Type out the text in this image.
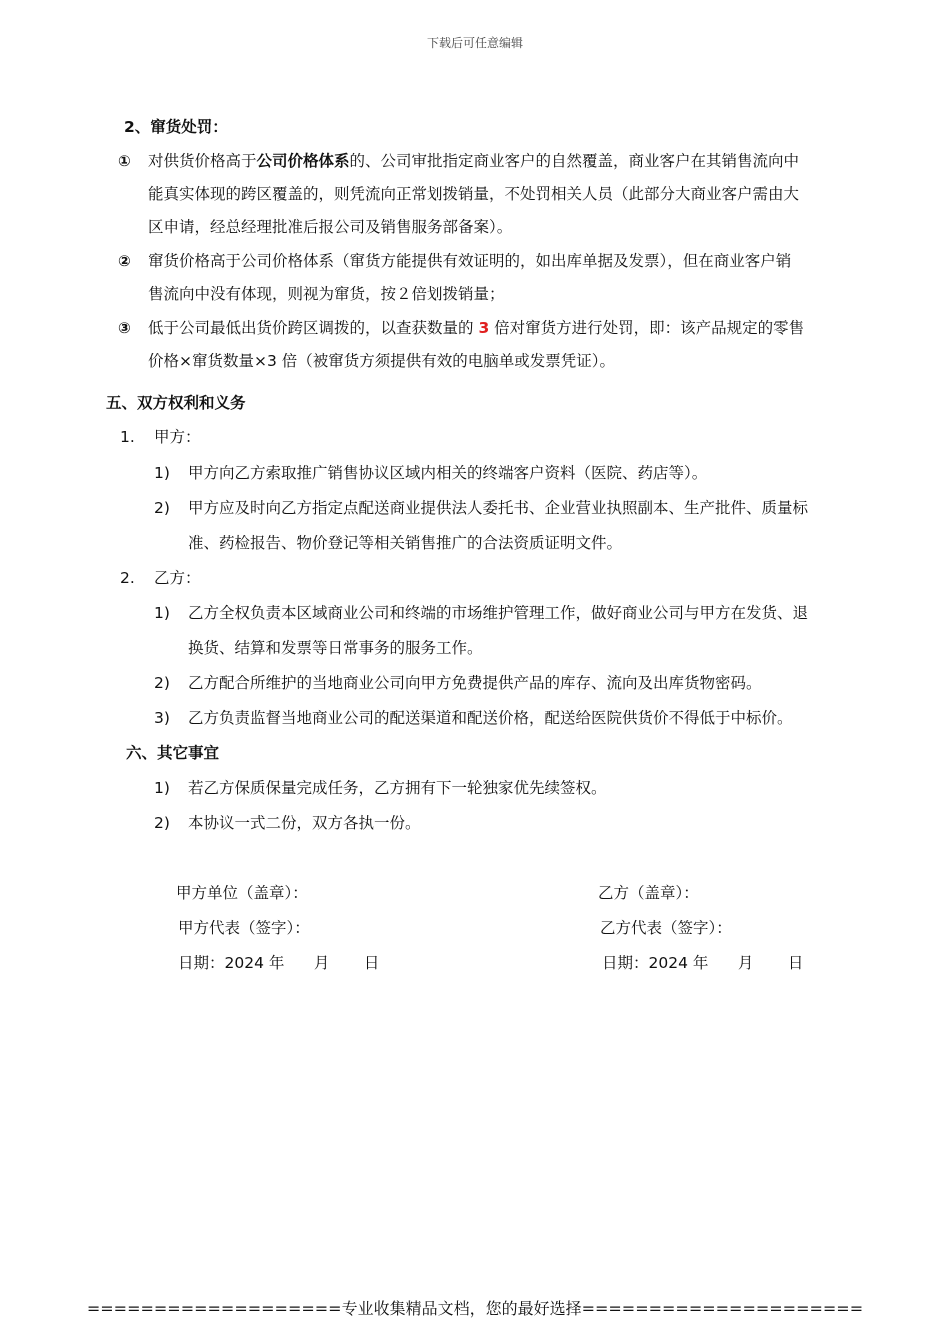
下载后可任意编辑
2、窜货处罚：
① 对供货价格高于公司价格体系的、公司审批指定商业客户的自然覆盖，商业客户在其销售流向中
能真实体现的跨区覆盖的，则凭流向正常划拨销量，不处罚相关人员（此部分大商业客户需由大
区申请，经总经理批准后报公司及销售服务部备案）。
② 窜货价格高于公司价格体系（窜货方能提供有效证明的，如出库单据及发票），但在商业客户销
售流向中没有体现，则视为窜货，按２倍划拨销量；
③ 低于公司最低出货价跨区调拨的，以查获数量的 3 倍对窜货方进行处罚，即：该产品规定的零售
价格×窜货数量×3 倍（被窜货方须提供有效的电脑单或发票凭证）。
五、双方权利和义务
1. 甲方：
1) 甲方向乙方索取推广销售协议区域内相关的终端客户资料（医院、药店等）。
2) 甲方应及时向乙方指定点配送商业提供法人委托书、企业营业执照副本、生产批件、质量标
准、药检报告、物价登记等相关销售推广的合法资质证明文件。
2. 乙方：
1) 乙方全权负责本区域商业公司和终端的市场维护管理工作，做好商业公司与甲方在发货、退
换货、结算和发票等日常事务的服务工作。
2) 乙方配合所维护的当地商业公司向甲方免费提供产品的库存、流向及出库货物密码。
3) 乙方负责监督当地商业公司的配送渠道和配送价格，配送给医院供货价不得低于中标价。
六、其它事宜
1) 若乙方保质保量完成任务，乙方拥有下一轮独家优先续签权。
2) 本协议一式二份，双方各执一份。
甲方单位（盖章）：
甲方代表（签字）：
日期：2024 年      月       日
乙方（盖章）：
乙方代表（签字）：
日期：2024 年      月       日
===================专业收集精品文档，您的最好选择=====================
